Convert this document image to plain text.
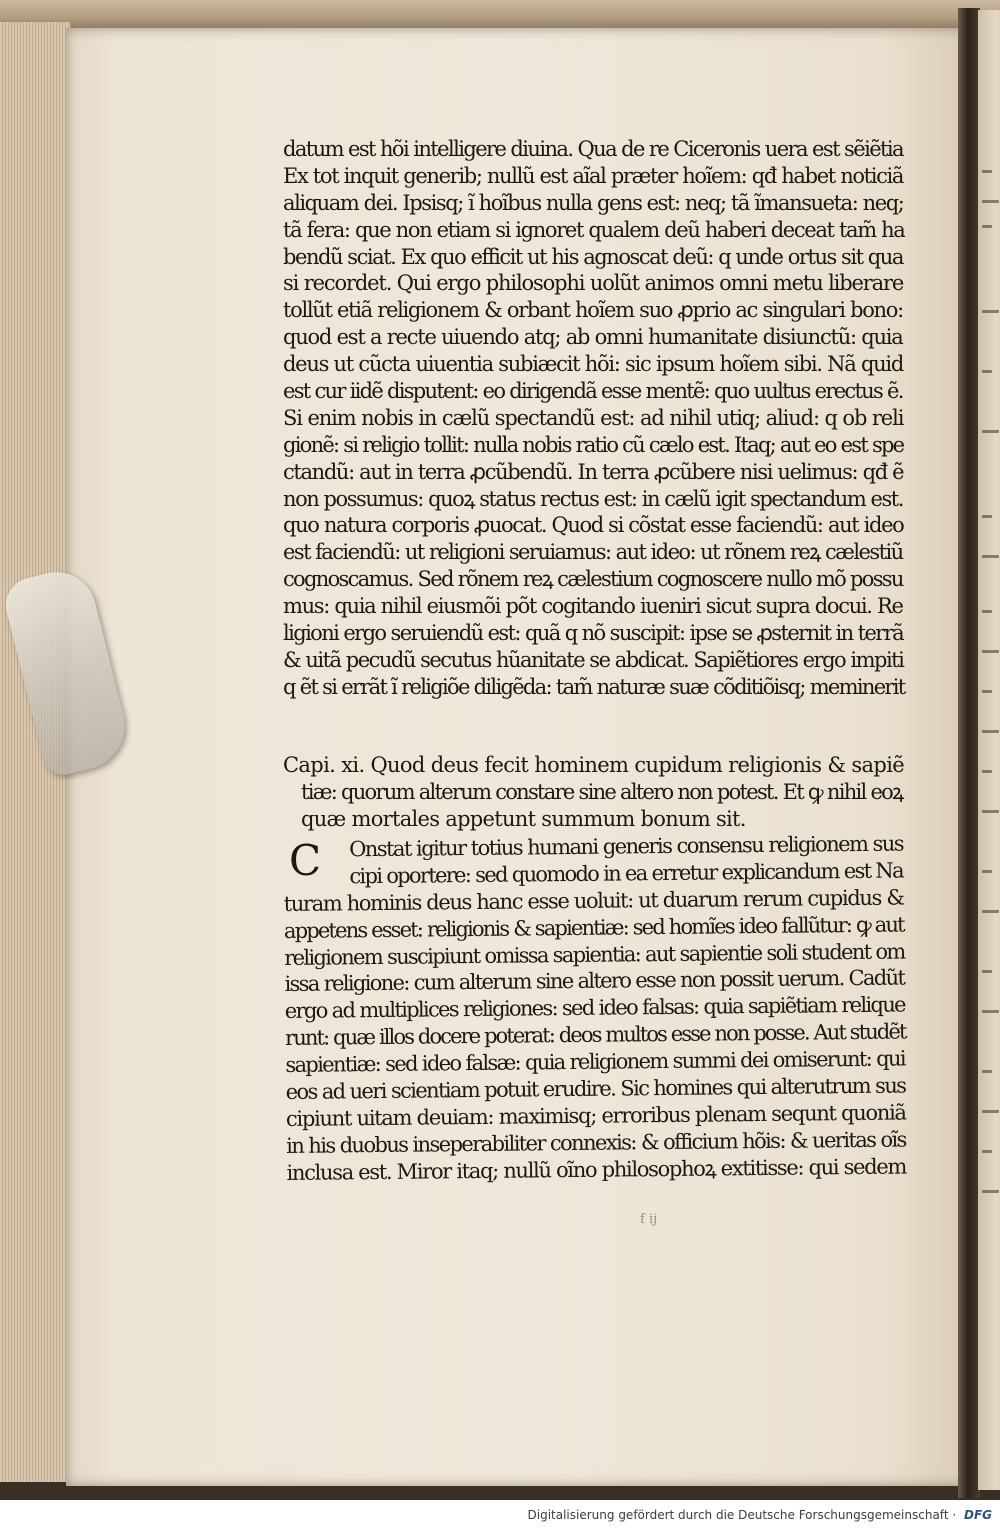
datum est hõi intelligere diuina. Qua de re Ciceronis uera est sẽiẽtia
Ex tot inquit generib; nullũ est aĩal præter hoĩem: qđ habet noticiã
aliquam dei. Ipsisq; ĩ hoĩbus nulla gens est: neq; tã ĩmansueta: neq;
tã fera: que non etiam si ignoret qualem deũ haberi deceat tam̃ ha
bendũ sciat. Ex quo efficit ut his agnoscat deũ: q unde ortus sit qua
si recordet. Qui ergo philosophi uolũt animos omni metu liberare
tollũt etiã religionem & orbant hoĩem suo ꝓprio ac singulari bono:
quod est a recte uiuendo atq; ab omni humanitate disiunctũ: quia
deus ut cũcta uiuentia subiæcit hõi: sic ipsum hoĩem sibi. Nã quid
est cur iidẽ disputent: eo dirigendã esse mentẽ: quo uultus erectus ẽ.
Si enim nobis in cælũ spectandũ est: ad nihil utiq; aliud: q ob reli
gionẽ: si religio tollit: nulla nobis ratio cũ cælo est. Itaq; aut eo est spe
ctandũ: aut in terra ꝓcũbendũ. In terra ꝓcũbere nisi uelimus: qđ ẽ
non possumus: quoꝝ status rectus est: in cælũ igit spectandum est.
quo natura corporis ꝓuocat. Quod si cõstat esse faciendũ: aut ideo
est faciendũ: ut religioni seruiamus: aut ideo: ut rõnem reꝝ cælestiũ
cognoscamus. Sed rõnem reꝝ cælestium cognoscere nullo mõ possu
mus: quia nihil eiusmõi põt cogitando iueniri sicut supra docui. Re
ligioni ergo seruiendũ est: quã q nõ suscipit: ipse se ꝓsternit in terrã
& uitã pecudũ secutus hũanitate se abdicat. Sapiẽtiores ergo impiti
q ẽt si errãt ĩ religiõe diligẽda: tam̃ naturæ suæ cõditiõisq; meminerit
Capi. xi. Quod deus fecit hominem cupidum religionis & sapiẽ
tiæ: quorum alterum constare sine altero non potest. Et ꝙ nihil eoꝝ
quæ mortales appetunt summum bonum sit.
C	Onstat igitur totius humani generis consensu religionem sus
cipi oportere: sed quomodo in ea erretur explicandum est Na
turam hominis deus hanc esse uoluit: ut duarum rerum cupidus &
appetens esset: religionis & sapientiæ: sed homĩes ideo fallũtur: ꝙ aut
religionem suscipiunt omissa sapientia: aut sapientie soli student om
issa religione: cum alterum sine altero esse non possit uerum. Cadũt
ergo ad multiplices religiones: sed ideo falsas: quia sapiẽtiam relique
runt: quæ illos docere poterat: deos multos esse non posse. Aut studẽt
sapientiæ: sed ideo falsæ: quia religionem summi dei omiserunt: qui
eos ad ueri scientiam potuit erudire. Sic homines qui alterutrum sus
cipiunt uitam deuiam: maximisq; erroribus plenam sequnt quoniã
in his duobus inseperabiliter connexis: & officium hõis: & ueritas oĩs
inclusa est. Miror itaq; nullũ oĩno philosophoꝝ extitisse: qui sedem
f ij
Digitalisierung gefördert durch die Deutsche Forschungsgemeinschaft · DFG
